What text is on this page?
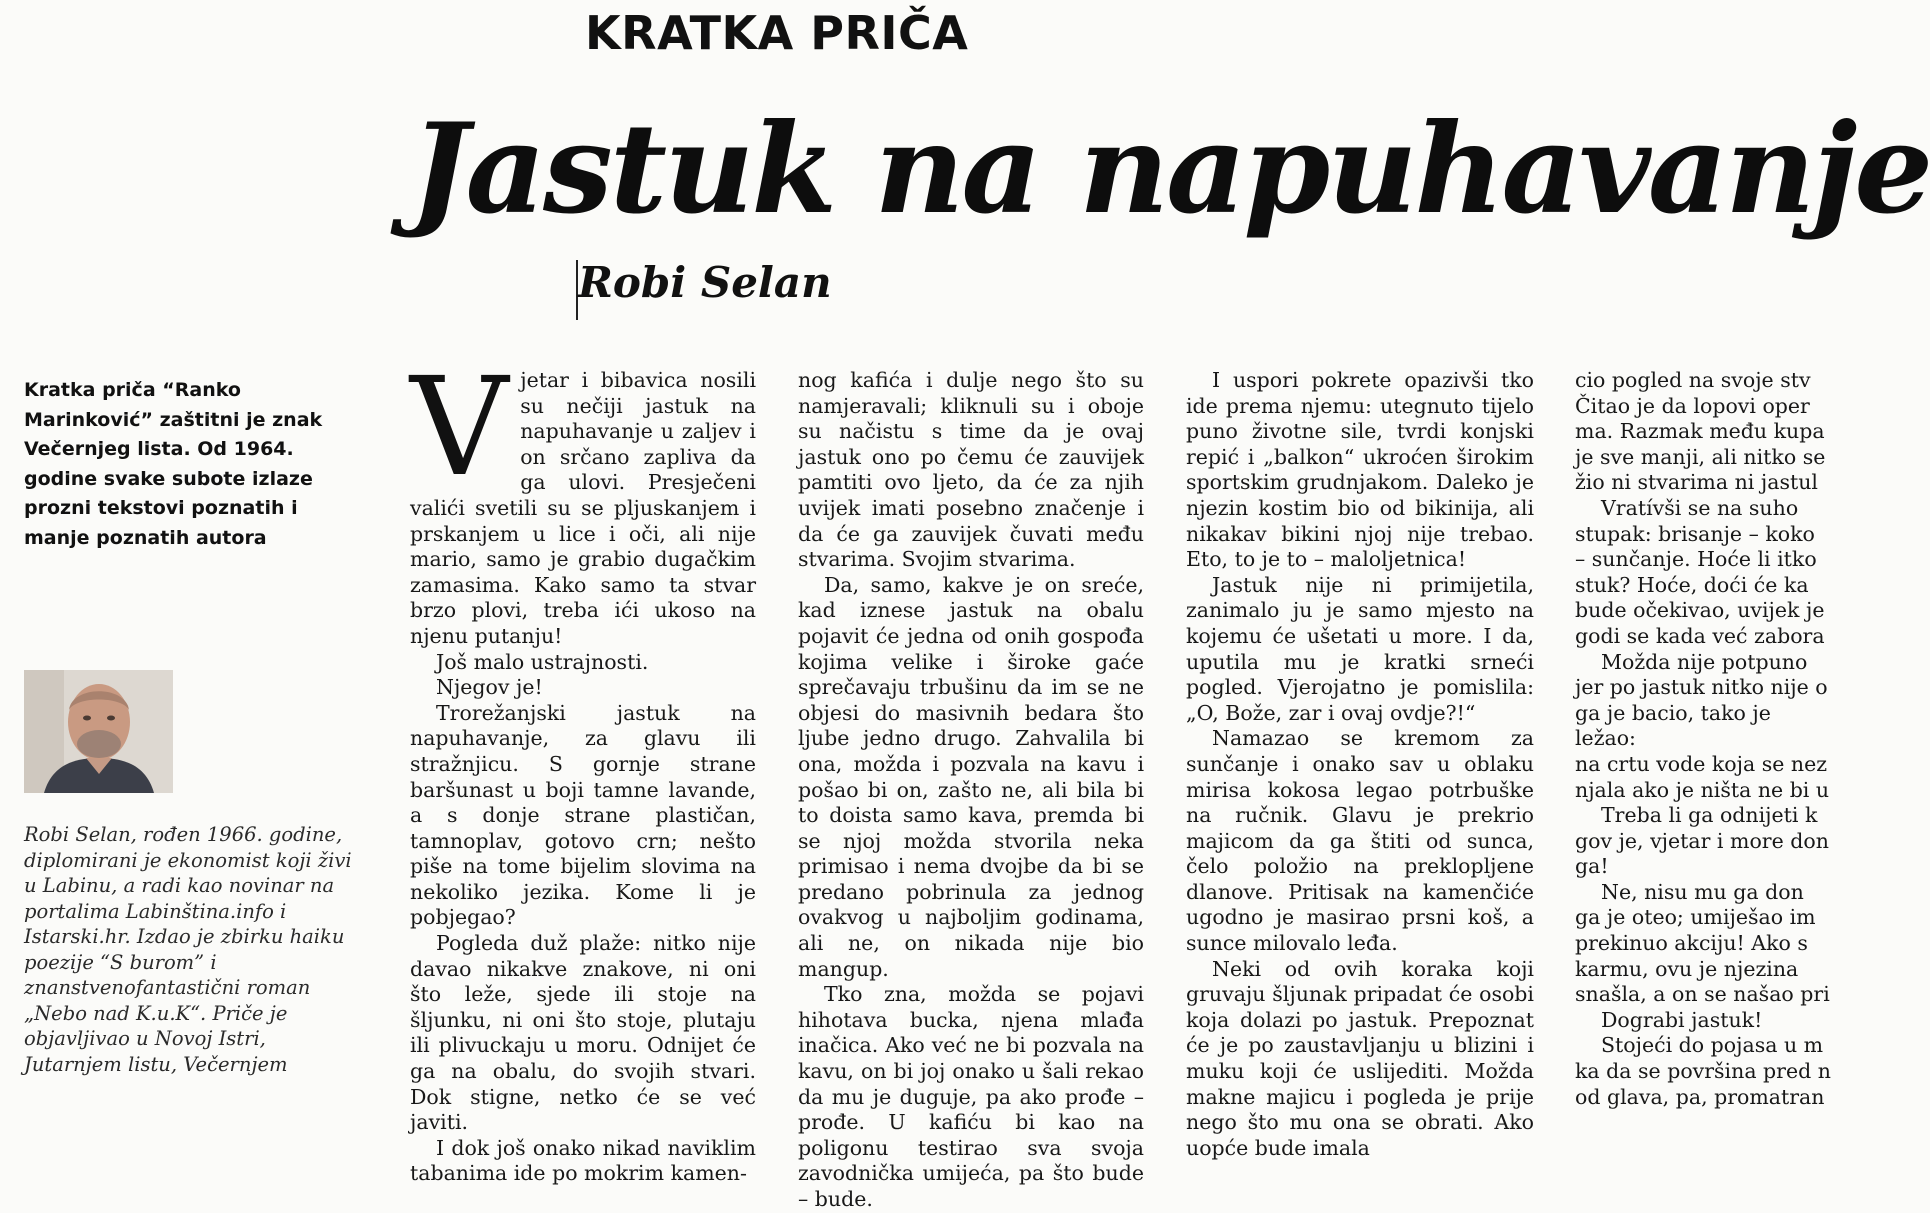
KRATKA PRIČA
Jastuk na napuhavanje
Robi Selan
Kratka priča “Ranko Marinković” zaštitni je znak Večernjeg lista. Od 1964. godine svake subote izlaze prozni tekstovi poznatih i manje poznatih autora
Robi Selan, rođen 1966. godine, diplomirani je ekonomist koji živi u Labinu, a radi kao novinar na portalima Labinština.info i Istarski.hr. Izdao je zbirku haiku poezije “S burom” i znanstvenofantastični roman „Nebo nad K.u.K“. Priče je objavljivao u Novoj Istri, Jutarnjem listu, Večernjem
V jetar i bibavica nosili su nečiji jastuk na napuhavanje u zaljev i on srčano zapliva da ga ulovi. Presječeni valići svetili su se pljuskanjem i prskanjem u lice i oči, ali nije mario, samo je grabio dugačkim zamasima. Kako samo ta stvar brzo plovi, treba ići ukoso na njenu putanju!

Još malo ustrajnosti.

Njegov je!

Trorežanjski jastuk na napuhavanje, za glavu ili stražnjicu. S gornje strane baršunast u boji tamne lavande, a s donje strane plastičan, tamnoplav, gotovo crn; nešto piše na tome bijelim slovima na nekoliko jezika. Kome li je pobjegao?

Pogleda duž plaže: nitko nije davao nikakve znakove, ni oni što leže, sjede ili stoje na šljunku, ni oni što stoje, plutaju ili plivuckaju u moru. Odnijet će ga na obalu, do svojih stvari. Dok stigne, netko će se već javiti.

I dok još onako nikad naviklim tabanima ide po mokrim kamen-

nog kafića i dulje nego što su namjeravali; kliknuli su i oboje su načistu s time da je ovaj jastuk ono po čemu će zauvijek pamtiti ovo ljeto, da će za njih uvijek imati posebno značenje i da će ga zauvijek čuvati među stvarima. Svojim stvarima.

Da, samo, kakve je on sreće, kad iznese jastuk na obalu pojavit će jedna od onih gospođa kojima velike i široke gaće sprečavaju trbušinu da im se ne objesi do masivnih bedara što ljube jedno drugo. Zahvalila bi ona, možda i pozvala na kavu i pošao bi on, zašto ne, ali bila bi to doista samo kava, premda bi se njoj možda stvorila neka primisao i nema dvojbe da bi se predano pobrinula za jednog ovakvog u najboljim godinama, ali ne, on nikada nije bio mangup.

Tko zna, možda se pojavi hihotava bucka, njena mlađa inačica. Ako već ne bi pozvala na kavu, on bi joj onako u šali rekao da mu je duguje, pa ako prođe – prođe. U kafiću bi kao na poligonu testirao sva svoja zavodnička umijeća, pa što bude – bude.

I uspori pokrete opazivši tko ide prema njemu: utegnuto tijelo puno životne sile, tvrdi konjski repić i „balkon“ ukroćen širokim sportskim grudnjakom. Daleko je njezin kostim bio od bikinija, ali nikakav bikini njoj nije trebao. Eto, to je to – maloljetnica!

Jastuk nije ni primijetila, zanimalo ju je samo mjesto na kojemu će ušetati u more. I da, uputila mu je kratki srneći pogled. Vjerojatno je pomislila: „O, Bože, zar i ovaj ovdje?!“

Namazao se kremom za sunčanje i onako sav u oblaku mirisa kokosa legao potrbuške na ručnik. Glavu je prekrio majicom da ga štiti od sunca, čelo položio na preklopljene dlanove. Pritisak na kamenčiće ugodno je masirao prsni koš, a sunce milovalo leđa.

Neki od ovih koraka koji gruvaju šljunak pripadat će osobi koja dolazi po jastuk. Prepoznat će je po zaustavljanju u blizini i muku koji će uslijediti. Možda makne majicu i pogleda je prije nego što mu ona se obrati. Ako uopće bude imala

cio pogled na svoje stv

Čitao je da lopovi oper

ma. Razmak među kupa

je sve manji, ali nitko se

žio ni stvarima ni jastul

Vratívši se na suho

stupak: brisanje – koko

– sunčanje. Hoće li itko

stuk? Hoće, doći će ka

bude očekivao, uvijek je

godi se kada već zabora

Možda nije potpuno

jer po jastuk nitko nije o

ga je bacio, tako je ležao:

na crtu vode koja se nez

njala ako je ništa ne bi u

Treba li ga odnijeti k

gov je, vjetar i more don

ga!

Ne, nisu mu ga don

ga je oteo; umiješao im

prekinuo akciju! Ako s

karmu, ovu je njezina

snašla, a on se našao pri

Dograbi jastuk!

Stojeći do pojasa u m

ka da se površina pred n

od glava, pa, promatran
